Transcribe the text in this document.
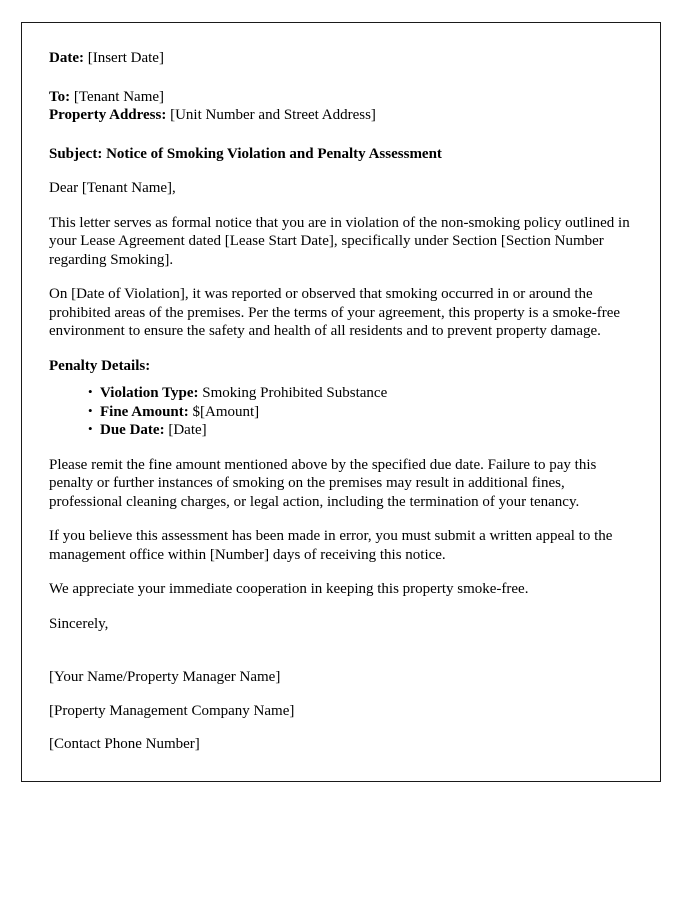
Date: [Insert Date]

To: [Tenant Name]

Property Address: [Unit Number and Street Address]

Subject: Notice of Smoking Violation and Penalty Assessment

Dear [Tenant Name],

This letter serves as formal notice that you are in violation of the non-smoking policy outlined in your Lease Agreement dated [Lease Start Date], specifically under Section [Section Number regarding Smoking].

On [Date of Violation], it was reported or observed that smoking occurred in or around the prohibited areas of the premises. Per the terms of your agreement, this property is a smoke-free environment to ensure the safety and health of all residents and to prevent property damage.

Penalty Details:

• Violation Type: Smoking Prohibited Substance
• Fine Amount: $[Amount]
• Due Date: [Date]

Please remit the fine amount mentioned above by the specified due date. Failure to pay this penalty or further instances of smoking on the premises may result in additional fines, professional cleaning charges, or legal action, including the termination of your tenancy.

If you believe this assessment has been made in error, you must submit a written appeal to the management office within [Number] days of receiving this notice.

We appreciate your immediate cooperation in keeping this property smoke-free.

Sincerely,

[Your Name/Property Manager Name]

[Property Management Company Name]

[Contact Phone Number]
